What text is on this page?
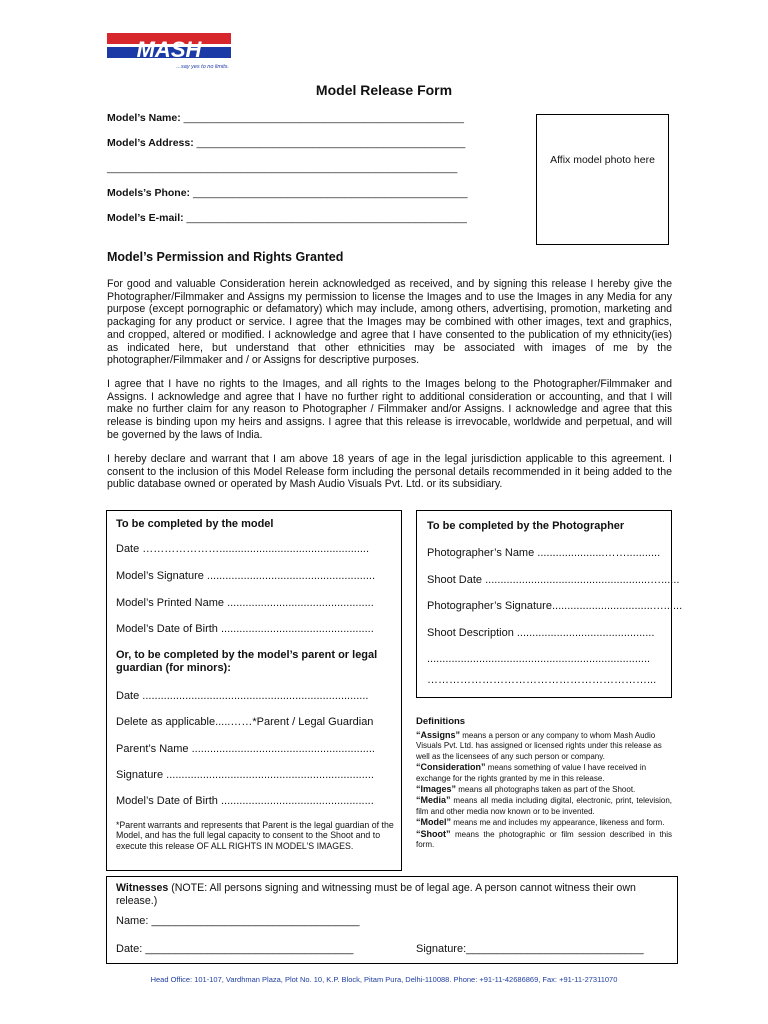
MASH
...say yes to no limits.
Model Release Form
Model’s Name: ________________________________________________
Model’s Address: ______________________________________________
____________________________________________________________
Models’s Phone: _______________________________________________
Model’s E-mail: ________________________________________________
Affix model photo here
Model’s Permission and Rights Granted
For good and valuable Consideration herein acknowledged as received, and by signing this release I hereby give the Photographer/Filmmaker and Assigns my permission to license the Images and to use the Images in any Media for any purpose (except pornographic or defamatory) which may include, among others, advertising, promotion, marketing and packaging for any product or service. I agree that the Images may be combined with other images, text and graphics, and cropped, altered or modified. I acknowledge and agree that I have consented to the publication of my ethnicity(ies) as indicated here, but understand that other ethnicities may be associated with images of me by the photographer/Filmmaker and / or Assigns for descriptive purposes.
I agree that I have no rights to the Images, and all rights to the Images belong to the Photographer/Filmmaker and Assigns. I acknowledge and agree that I have no further right to additional consideration or accounting, and that I will make no further claim for any reason to Photographer / Filmmaker and/or Assigns. I acknowledge and agree that this release is binding upon my heirs and assigns. I agree that this release is irrevocable, worldwide and perpetual, and will be governed by the laws of India.
I hereby declare and warrant that I am above 18 years of age in the legal jurisdiction applicable to this agreement. I consent to the inclusion of this Model Release form including the personal details recommended in it being added to the public database owned or operated by Mash Audio Visuals Pvt. Ltd. or its subsidiary.
To be completed by the model
Date ………………….................................................
Model’s Signature .......................................................
Model’s Printed Name ................................................
Model’s Date of Birth ..................................................
Or, to be completed by the model’s parent or legal guardian (for minors):
Date ..........................................................................
Delete as applicable.....……*Parent / Legal Guardian
Parent’s Name ............................................................
Signature ....................................................................
Model’s Date of Birth ..................................................
*Parent warrants and represents that Parent is the legal guardian of the Model, and has the full legal capacity to consent to the Shoot and to execute this release OF ALL RIGHTS IN MODEL’S IMAGES.
To be completed by the Photographer
Photographer’s Name ......................……...........
Shoot Date ......................................................…......
Photographer’s Signature.................................…......
Shoot Description .............................................
.........................................................................
……………………………………………………...
Definitions
“Assigns” means a person or any company to whom Mash Audio Visuals Pvt. Ltd. has assigned or licensed rights under this release as well as the licensees of any such person or company.
“Consideration” means something of value I have received in exchange for the rights granted by me in this release.
“Images” means all photographs taken as part of the Shoot.
“Media” means all media including digital, electronic, print, television, film and other media now known or to be invented.
“Model” means me and includes my appearance, likeness and form.
“Shoot” means the photographic or film session described in this form.
Witnesses (NOTE: All persons signing and witnessing must be of legal age. A person cannot witness their own release.)
Name: __________________________________
Date: __________________________________	Signature:_____________________________
Head Office: 101-107, Vardhman Plaza, Plot No. 10, K.P. Block, Pitam Pura, Delhi-110088. Phone: +91-11-42686869, Fax: +91-11-27311070
